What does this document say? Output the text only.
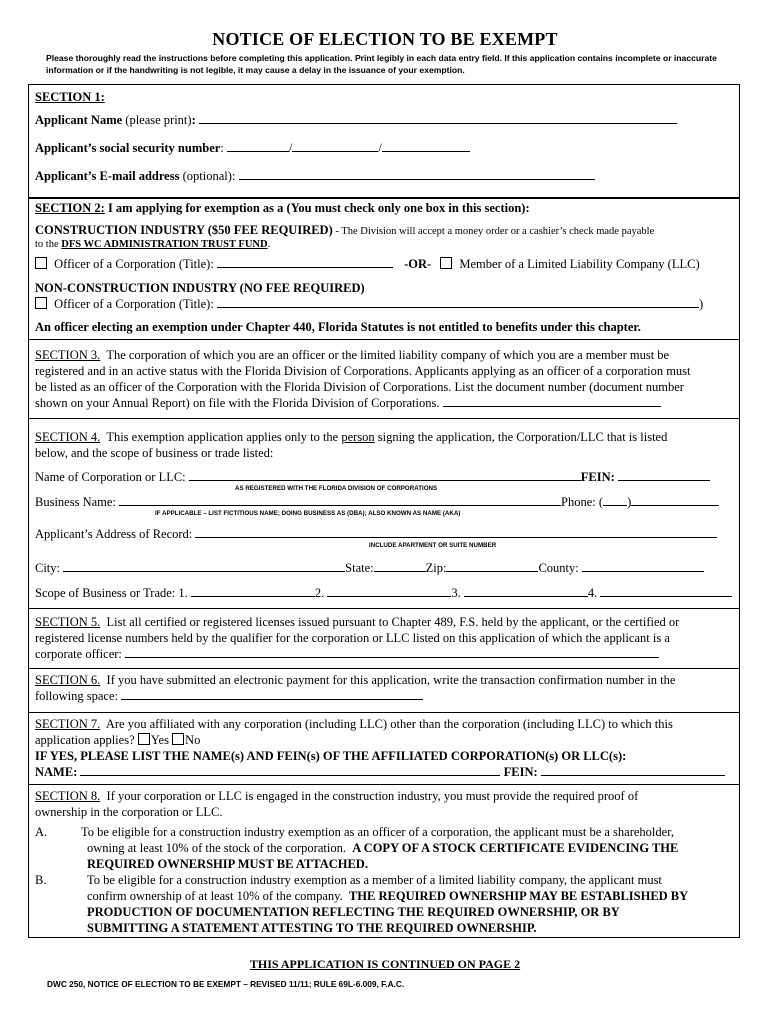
NOTICE OF ELECTION TO BE EXEMPT
Please thoroughly read the instructions before completing this application. Print legibly in each data entry field. If this application contains incomplete or inaccurate information or if the handwriting is not legible, it may cause a delay in the issuance of your exemption.
SECTION 1:
Applicant Name (please print):
Applicant’s social security number:	/	/
Applicant’s E-mail address (optional):
SECTION 2: I am applying for exemption as a (You must check only one box in this section):
CONSTRUCTION INDUSTRY ($50 FEE REQUIRED) - The Division will accept a money order or a cashier’s check made payable
to the DFS WC ADMINISTRATION TRUST FUND.
Officer of a Corporation (Title):	-OR- Member of a Limited Liability Company (LLC)
NON-CONSTRUCTION INDUSTRY (NO FEE REQUIRED)
Officer of a Corporation (Title):	)
An officer electing an exemption under Chapter 440, Florida Statutes is not entitled to benefits under this chapter.
SECTION 3. The corporation of which you are an officer or the limited liability company of which you are a member must be
registered and in an active status with the Florida Division of Corporations. Applicants applying as an officer of a corporation must
be listed as an officer of the Corporation with the Florida Division of Corporations. List the document number (document number
shown on your Annual Report) on file with the Florida Division of Corporations.
SECTION 4. This exemption application applies only to the person signing the application, the Corporation/LLC that is listed
below, and the scope of business or trade listed:
Name of Corporation or LLC:	FEIN:
AS REGISTERED WITH THE FLORIDA DIVISION OF CORPORATIONS
Business Name:	Phone: ( )
IF APPLICABLE – LIST FICTITIOUS NAME; DOING BUSINESS AS (DBA); ALSO KNOWN AS NAME (AKA)
Applicant’s Address of Record:
INCLUDE APARTMENT OR SUITE NUMBER
City:	State:	Zip:	County:
Scope of Business or Trade: 1.	2.	3.	4.
SECTION 5. List all certified or registered licenses issued pursuant to Chapter 489, F.S. held by the applicant, or the certified or
registered license numbers held by the qualifier for the corporation or LLC listed on this application of which the applicant is a
corporate officer:
SECTION 6. If you have submitted an electronic payment for this application, write the transaction confirmation number in the
following space:
SECTION 7. Are you affiliated with any corporation (including LLC) other than the corporation (including LLC) to which this
application applies? Yes No
IF YES, PLEASE LIST THE NAME(s) AND FEIN(s) OF THE AFFILIATED CORPORATION(s) OR LLC(s):
NAME:	FEIN:
SECTION 8. If your corporation or LLC is engaged in the construction industry, you must provide the required proof of
ownership in the corporation or LLC.
A.	To be eligible for a construction industry exemption as an officer of a corporation, the applicant must be a shareholder,
owning at least 10% of the stock of the corporation. A COPY OF A STOCK CERTIFICATE EVIDENCING THE
REQUIRED OWNERSHIP MUST BE ATTACHED.
B.	To be eligible for a construction industry exemption as a member of a limited liability company, the applicant must
confirm ownership of at least 10% of the company. THE REQUIRED OWNERSHIP MAY BE ESTABLISHED BY
PRODUCTION OF DOCUMENTATION REFLECTING THE REQUIRED OWNERSHIP, OR BY
SUBMITTING A STATEMENT ATTESTING TO THE REQUIRED OWNERSHIP.
THIS APPLICATION IS CONTINUED ON PAGE 2
DWC 250, NOTICE OF ELECTION TO BE EXEMPT – REVISED 11/11; RULE 69L-6.009, F.A.C.
